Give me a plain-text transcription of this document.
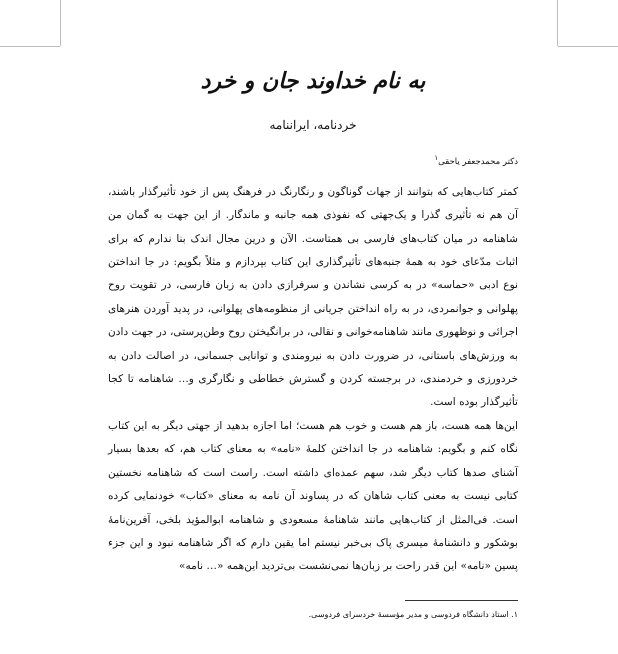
به نام خداوند جان و خرد
خردنامه، ایراننامه
دکتر محمدجعفر یاحقی$^۱$

کمتر کتاب‌هایی که بتوانند از جهات گوناگون و رنگارنگ در فرهنگ پس از خود تأثیرگذار باشند، آن هم نه تأثیری گذرا و یک‌جهتی که نفوذی همه جانبه و ماندگار. از این جهت به گمان من شاهنامه در میان کتاب‌های فارسی بی همتاست. الآن و درین مجال اندک بنا ندارم که برای اثبات مدّعای خود به همهٔ جنبه‌های تأثیرگذاری این کتاب بپردازم و مثلاً بگویم: در جا انداختن نوع ادبی «حماسه» در به کرسی نشاندن و سرفرازی دادن به زبان فارسی، در تقویت روح پهلوانی و جوانمردی، در به راه انداختن جریانی از منظومه‌های پهلوانی، در پدید آوردن هنرهای اجرائی و نوظهوری مانند شاهنامه‌خوانی و نقالی، در برانگیختن روح وطن‌پرستی، در جهت دادن به ورزش‌های باستانی، در ضرورت دادن به نیرومندی و توانایی جسمانی، در اصالت دادن به خردورزی و خردمندی، در برجسته کردن و گسترش خطاطی و نگارگری و… شاهنامه تا کجا تأثیرگذار بوده است.

این‌ها همه هست، باز هم هست و خوب هم هست؛ اما اجازه بدهید از جهتی دیگر به این کتاب نگاه کنم و بگویم: شاهنامه در جا انداختن کلمهٔ «نامه» به معنای کتاب هم، که بعدها بسیار آشنای صدها کتاب دیگر شد، سهم عمده‌ای داشته است. راست است که شاهنامه نخستین کتابی نیست به معنی کتاب شاهان که در پساوند آن نامه به معنای «کتاب» خودنمایی کرده است. فی‌المثل از کتاب‌هایی مانند شاهنامهٔ مسعودی و شاهنامه ابوالمؤید بلخی، آفرین‌نامهٔ بوشکور و دانشنامهٔ میسری پاک بی‌خبر نیستم اما یقین دارم که اگر شاهنامه نبود و این جزء پسین «نامه» این قدر راحت بر زبان‌ها نمی‌نشست بی‌تردید این‌همه «… نامه»

۱. استاد دانشگاه فردوسی و مدیر مؤسسهٔ خردسرای فردوسی.
